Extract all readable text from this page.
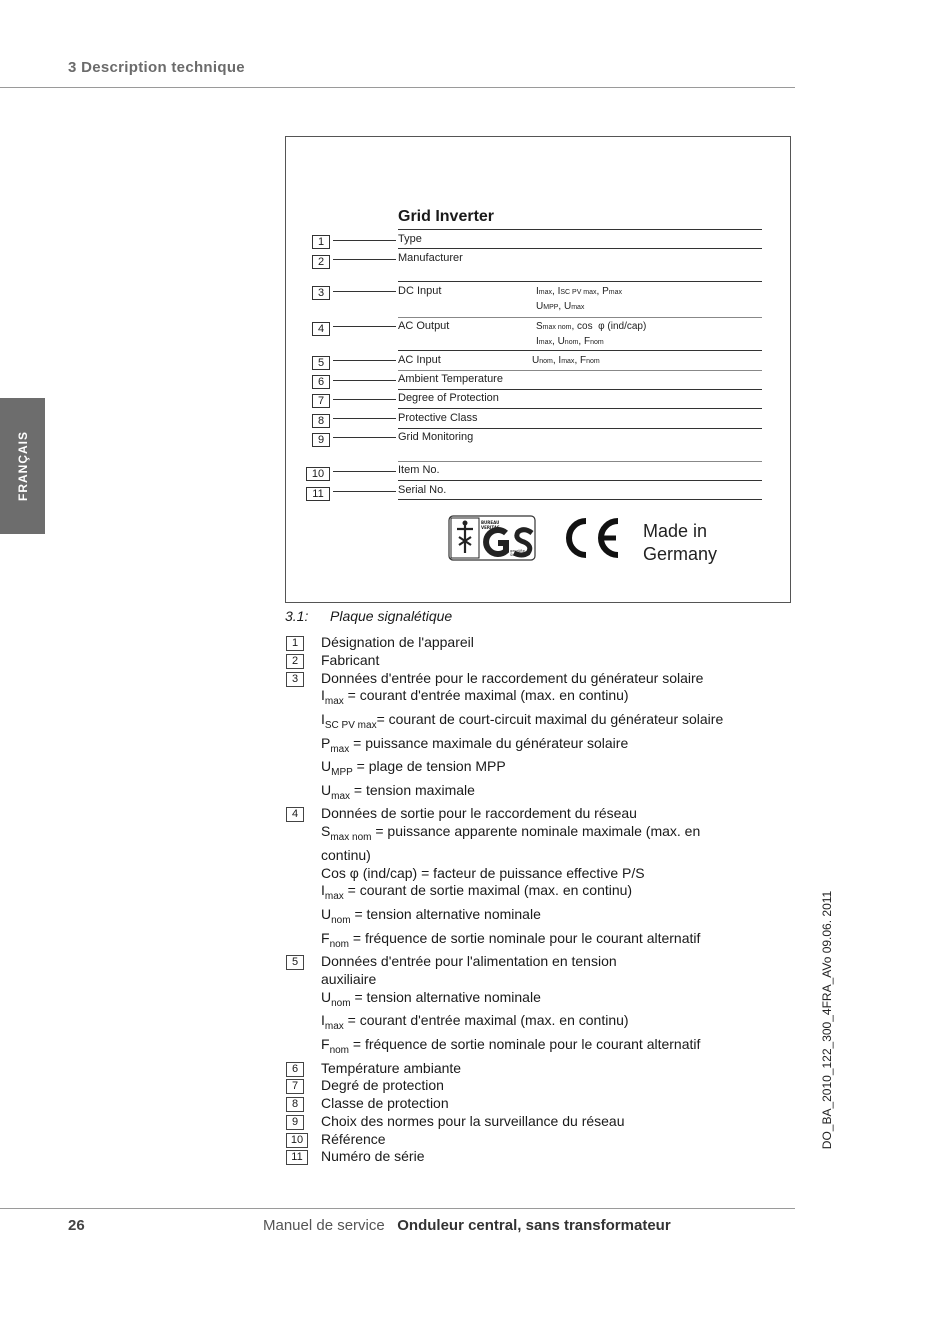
3 Description technique
FRANÇAIS
Grid Inverter
1	Type
2	Manufacturer
3	DC Input	Imax, ISC PV max, Pmax
UMPP, Umax
4	AC Output	Smax nom, cos  φ (ind/cap)
Imax, Unom, Fnom
5	AC Input	Unom, Imax, Fnom
6	Ambient Temperature
7	Degree of Protection
8	Protective Class
9	Grid Monitoring
10	Item No.
11	Serial No.
BUREAU
VERITAS
geprüfte
Sicherheit
Made in
Germany
3.1: Plaque signalétique
1	Désignation de l'appareil
2	Fabricant
3	Données d'entrée pour le raccordement du générateur solaire
$I_{max}$ = courant d'entrée maximal (max. en continu)
$I_{SC PV max}=$ courant de court-circuit maximal du générateur solaire
$P_{max}$ = puissance maximale du générateur solaire
$U_{MPP}$ = plage de tension MPP
$U_{max}$ = tension maximale
4	Données de sortie pour le raccordement du réseau
$S_{max nom}$ = puissance apparente nominale maximale (max. en
continu)
Cos φ (ind/cap) = facteur de puissance effective P/S
$I_{max}$ = courant de sortie maximal (max. en continu)
$U_{nom}$ = tension alternative nominale
$F_{nom}$ = fréquence de sortie nominale pour le courant alternatif
5	Données d'entrée pour l'alimentation en tension
auxiliaire
$U_{nom}$ = tension alternative nominale
$I_{max}$ = courant d'entrée maximal (max. en continu)
$F_{nom}$ = fréquence de sortie nominale pour le courant alternatif
6	Température ambiante
7	Degré de protection
8	Classe de protection
9	Choix des normes pour la surveillance du réseau
10	Référence
11	Numéro de série
DO_BA_2010_122_300_4FRA_AVo 09.06. 2011
26	Manuel de service Onduleur central, sans transformateur
